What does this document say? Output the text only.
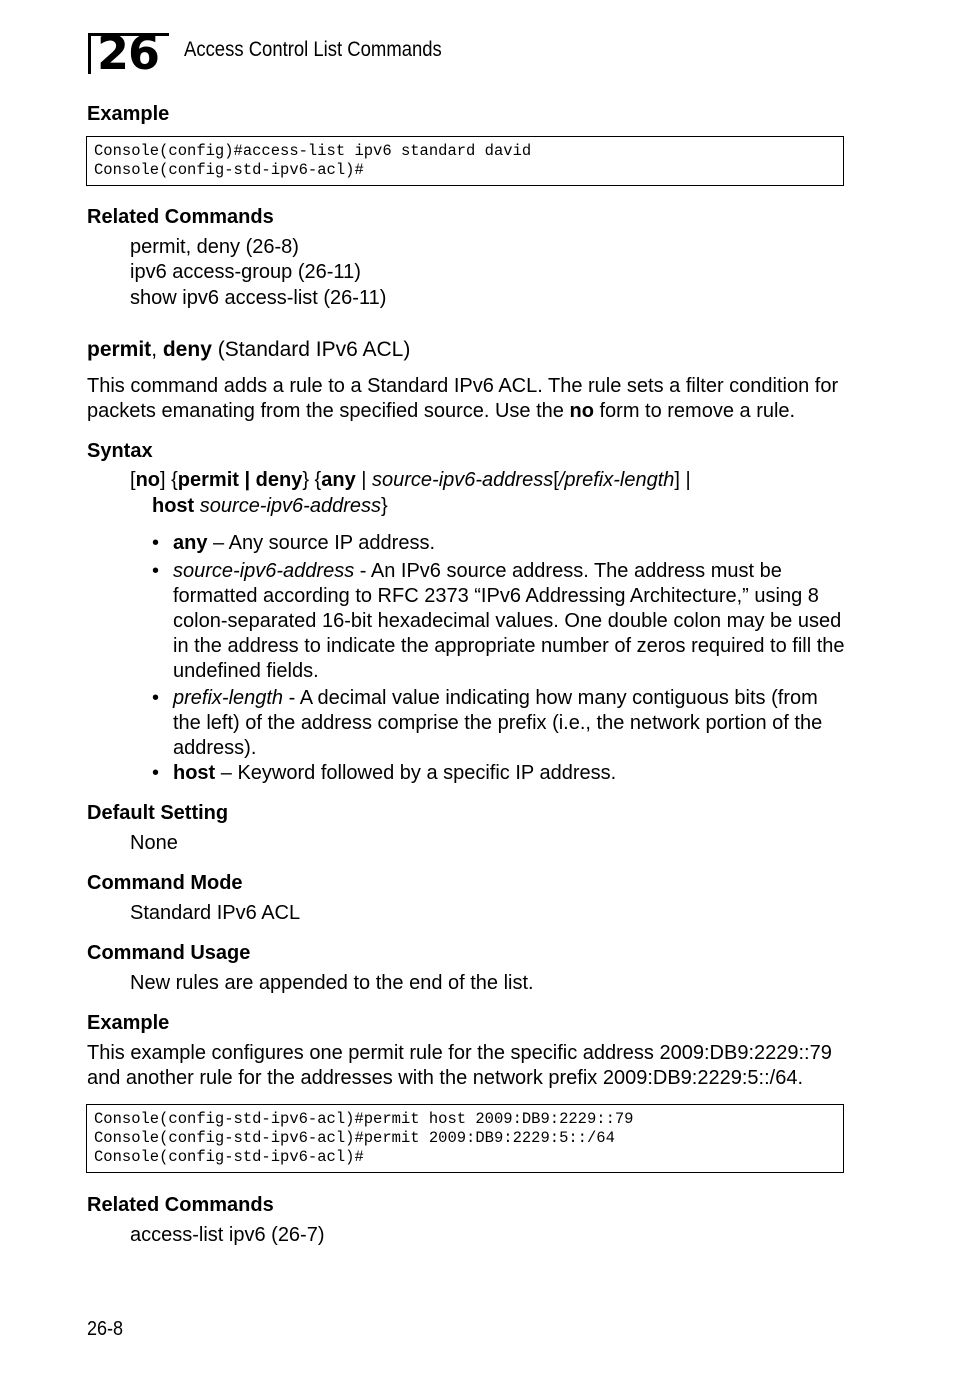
26 Access Control List Commands
Example
Console(config)#access-list ipv6 standard david
Console(config-std-ipv6-acl)#
Related Commands
permit, deny (26-8)
ipv6 access-group (26-11)
show ipv6 access-list (26-11)
permit, deny (Standard IPv6 ACL)
This command adds a rule to a Standard IPv6 ACL. The rule sets a filter condition for packets emanating from the specified source. Use the no form to remove a rule.
Syntax
[no] {permit | deny} {any | source-ipv6-address[/prefix-length] |
host source-ipv6-address}
• any – Any source IP address.
• source-ipv6-address - An IPv6 source address. The address must be formatted according to RFC 2373 “IPv6 Addressing Architecture,” using 8 colon-separated 16-bit hexadecimal values. One double colon may be used in the address to indicate the appropriate number of zeros required to fill the undefined fields.
• prefix-length - A decimal value indicating how many contiguous bits (from the left) of the address comprise the prefix (i.e., the network portion of the address).
• host – Keyword followed by a specific IP address.
Default Setting
None
Command Mode
Standard IPv6 ACL
Command Usage
New rules are appended to the end of the list.
Example
This example configures one permit rule for the specific address 2009:DB9:2229::79 and another rule for the addresses with the network prefix 2009:DB9:2229:5::/64.
Console(config-std-ipv6-acl)#permit host 2009:DB9:2229::79
Console(config-std-ipv6-acl)#permit 2009:DB9:2229:5::/64
Console(config-std-ipv6-acl)#
Related Commands
access-list ipv6 (26-7)
26-8
